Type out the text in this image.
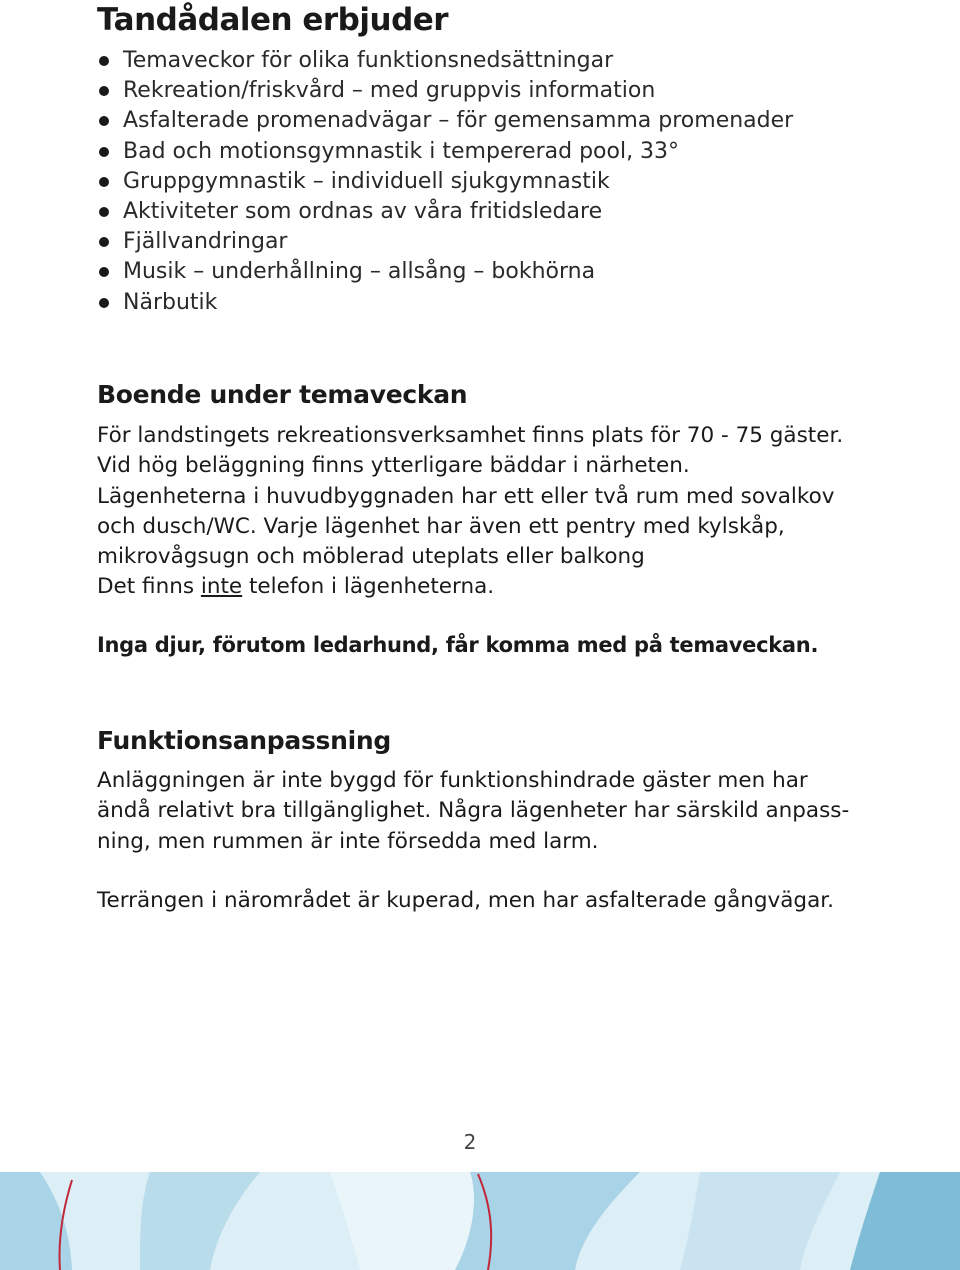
Tandådalen erbjuder
Temaveckor för olika funktionsnedsättningar
Rekreation/friskvård – med gruppvis information
Asfalterade promenadvägar – för gemensamma promenader
Bad och motionsgymnastik i tempererad pool, 33°
Gruppgymnastik – individuell sjukgymnastik
Aktiviteter som ordnas av våra fritidsledare
Fjällvandringar
Musik – underhållning – allsång – bokhörna
Närbutik
Boende under temaveckan
För landstingets rekreationsverksamhet finns plats för 70 - 75 gäster.
Vid hög beläggning finns ytterligare bäddar i närheten.
Lägenheterna i huvudbyggnaden har ett eller två rum med sovalkov
och dusch/WC. Varje lägenhet har även ett pentry med kylskåp,
mikrovågsugn och möblerad uteplats eller balkong
Det finns inte telefon i lägenheterna.

Inga djur, förutom ledarhund, får komma med på temaveckan.

Funktionsanpassning
Anläggningen är inte byggd för funktionshindrade gäster men har
ändå relativt bra tillgänglighet. Några lägenheter har särskild anpass-
ning, men rummen är inte försedda med larm.

Terrängen i närområdet är kuperad, men har asfalterade gångvägar.

2
